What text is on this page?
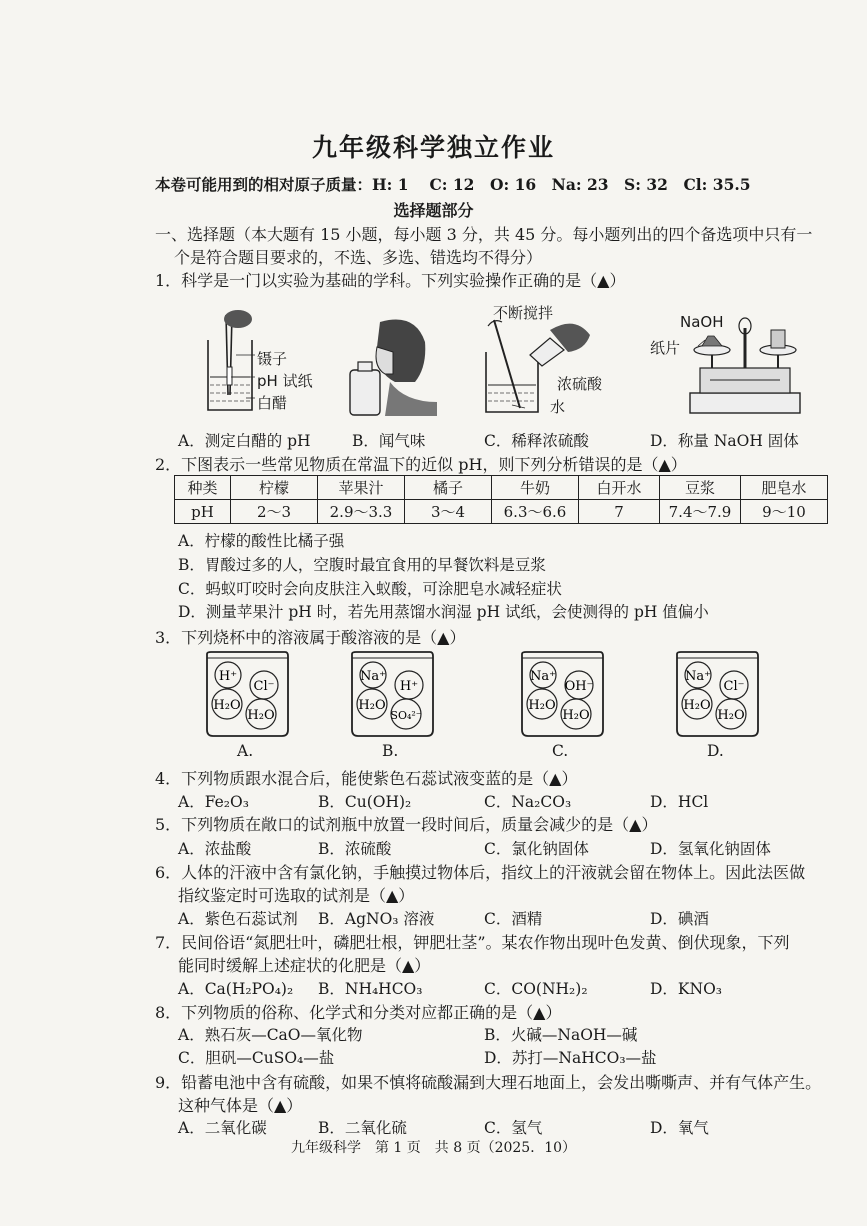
九年级科学独立作业
本卷可能用到的相对原子质量：H: 1　 C: 12　O: 16　Na: 23　S: 32　Cl: 35.5
选择题部分
一、选择题（本大题有 15 小题，每小题 3 分，共 45 分。每小题列出的四个备选项中只有一
个是符合题目要求的，不选、多选、错选均不得分）
1．科学是一门以实验为基础的学科。下列实验操作正确的是（▲）
镊子
pH 试纸
白醋
不断搅拌
浓硫酸
水
NaOH
纸片
A．测定白醋的 pH	B．闻气味	C．稀释浓硫酸	D．称量 NaOH 固体
2．下图表示一些常见物质在常温下的近似 pH，则下列分析错误的是（▲）
种类	柠檬	苹果汁	橘子	牛奶	白开水	豆浆	肥皂水
pH	2～3	2.9～3.3	3～4	6.3～6.6	7	7.4～7.9	9～10
A．柠檬的酸性比橘子强
B．胃酸过多的人，空腹时最宜食用的早餐饮料是豆浆
C．蚂蚁叮咬时会向皮肤注入蚁酸，可涂肥皂水减轻症状
D．测量苹果汁 pH 时，若先用蒸馏水润湿 pH 试纸，会使测得的 pH 值偏小
3．下列烧杯中的溶液属于酸溶液的是（▲）
H⁺
Cl⁻
H₂O
H₂O
A.
Na⁺
H⁺
H₂O
SO₄²⁻
B.
Na⁺
OH⁻
H₂O
H₂O
C.
Na⁺
Cl⁻
H₂O
H₂O
D.
4．下列物质跟水混合后，能使紫色石蕊试液变蓝的是（▲）
A．Fe₂O₃	B．Cu(OH)₂	C．Na₂CO₃	D．HCl
5．下列物质在敞口的试剂瓶中放置一段时间后，质量会减少的是（▲）
A．浓盐酸	B．浓硫酸	C．氯化钠固体	D．氢氧化钠固体
6．人体的汗液中含有氯化钠，手触摸过物体后，指纹上的汗液就会留在物体上。因此法医做
指纹鉴定时可选取的试剂是（▲）
A．紫色石蕊试剂 B．AgNO₃ 溶液	C．酒精	D．碘酒
7．民间俗语“氮肥壮叶，磷肥壮根，钾肥壮茎”。某农作物出现叶色发黄、倒伏现象，下列
能同时缓解上述症状的化肥是（▲）
A．Ca(H₂PO₄)₂ B．NH₄HCO₃	C．CO(NH₂)₂	D．KNO₃
8．下列物质的俗称、化学式和分类对应都正确的是（▲）
A．熟石灰—CaO—氧化物	B．火碱—NaOH—碱
C．胆矾—CuSO₄—盐	D．苏打—NaHCO₃—盐
9．铅蓄电池中含有硫酸，如果不慎将硫酸漏到大理石地面上，会发出嘶嘶声、并有气体产生。
这种气体是（▲）
A．二氧化碳	B．二氧化硫	C．氢气	D．氧气
九年级科学　第 1 页　共 8 页（2025．10）
